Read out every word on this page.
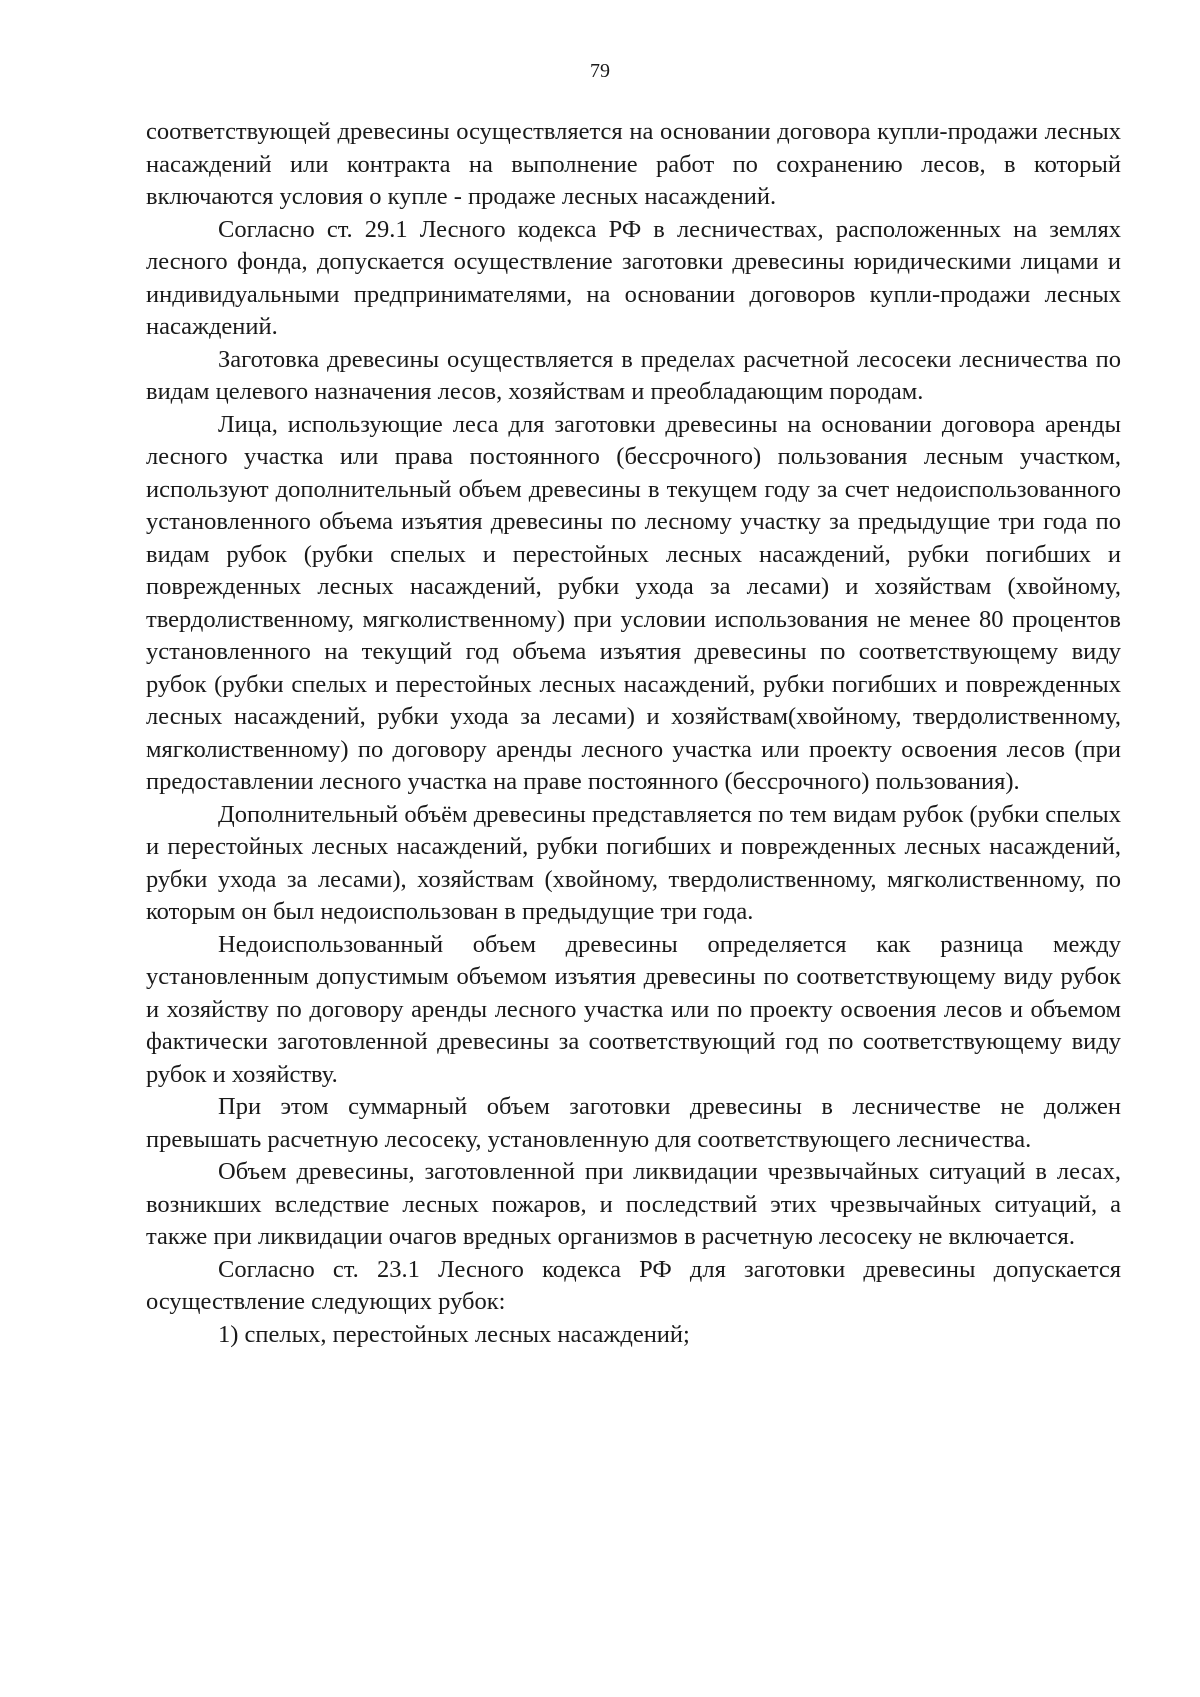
79

соответствующей древесины осуществляется на основании договора купли-продажи лесных насаждений или контракта на выполнение работ по сохранению лесов, в который включаются условия о купле - продаже лесных насаждений.

Согласно ст. 29.1 Лесного кодекса РФ в лесничествах, расположенных на землях лесного фонда, допускается осуществление заготовки древесины юридическими лицами и индивидуальными предпринимателями, на основании договоров купли-продажи лесных насаждений.

Заготовка древесины осуществляется в пределах расчетной лесосеки лесничества по видам целевого назначения лесов, хозяйствам и преобладающим породам.

Лица, использующие леса для заготовки древесины на основании договора аренды лесного участка или права постоянного (бессрочного) пользования лесным участком, используют дополнительный объем древесины в текущем году за счет недоиспользованного установленного объема изъятия древесины по лесному участку за предыдущие три года по видам рубок (рубки спелых и перестойных лесных насаждений, рубки погибших и поврежденных лесных насаждений, рубки ухода за лесами) и хозяйствам (хвойному, твердолиственному, мягколиственному) при условии использования не менее 80 процентов установленного на текущий год объема изъятия древесины по соответствующему виду рубок (рубки спелых и перестойных лесных насаждений, рубки погибших и поврежденных лесных насаждений, рубки ухода за лесами) и хозяйствам(хвойному, твердолиственному, мягколиственному) по договору аренды лесного участка или проекту освоения лесов (при предоставлении лесного участка на праве постоянного (бессрочного) пользования).

Дополнительный объём древесины представляется по тем видам рубок (рубки спелых и перестойных лесных насаждений, рубки погибших и поврежденных лесных насаждений, рубки ухода за лесами), хозяйствам (хвойному, твердолиственному, мягколиственному, по которым он был недоиспользован в предыдущие три года.

Недоиспользованный объем древесины определяется как разница между установленным допустимым объемом изъятия древесины по соответствующему виду рубок и хозяйству по договору аренды лесного участка или по проекту освоения лесов и объемом фактически заготовленной древесины за соответствующий год по соответствующему виду рубок и хозяйству.

При этом суммарный объем заготовки древесины в лесничестве не должен превышать расчетную лесосеку, установленную для соответствующего лесничества.

Объем древесины, заготовленной при ликвидации чрезвычайных ситуаций в лесах, возникших вследствие лесных пожаров, и последствий этих чрезвычайных ситуаций, а также при ликвидации очагов вредных организмов в расчетную лесосеку не включается.

Согласно ст. 23.1 Лесного кодекса РФ для заготовки древесины допускается осуществление следующих рубок:

1) спелых, перестойных лесных насаждений;
